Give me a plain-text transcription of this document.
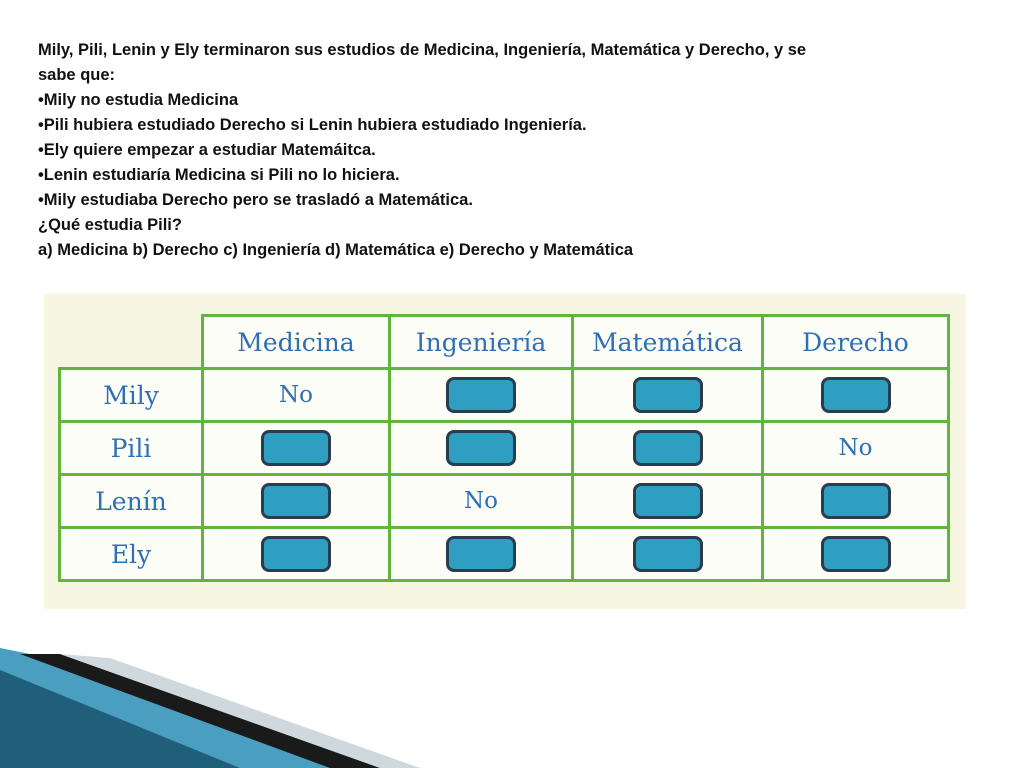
Mily, Pili, Lenin y Ely terminaron sus estudios de Medicina, Ingeniería, Matemática y Derecho, y se

sabe que:

•Mily no estudia Medicina

•Pili hubiera estudiado Derecho si Lenin hubiera estudiado Ingeniería.

•Ely quiere empezar a estudiar Matemáitca.

•Lenin estudiaría Medicina si Pili no lo hiciera.

•Mily estudiaba Derecho pero se trasladó a Matemática.

¿Qué estudia Pili?

a) Medicina b) Derecho c) Ingeniería d) Matemática e) Derecho y Matemática

	Medicina	Ingeniería	Matemática	Derecho
Mily	No			
Pili				No
Lenín		No		
Ely				
